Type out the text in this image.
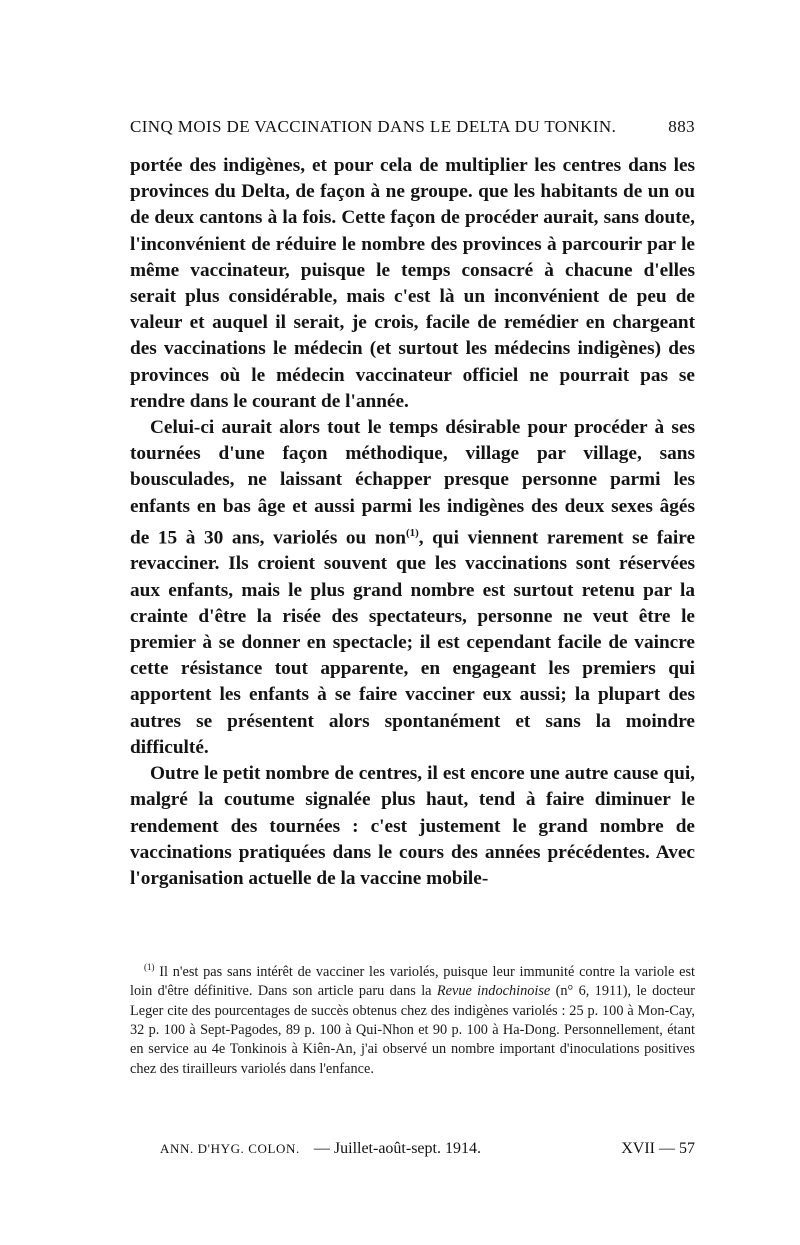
CINQ MOIS DE VACCINATION DANS LE DELTA DU TONKIN.	883

portée des indigènes, et pour cela de multiplier les centres dans les provinces du Delta, de façon à ne groupe. que les habitants de un ou de deux cantons à la fois. Cette façon de procéder aurait, sans doute, l'inconvénient de réduire le nombre des provinces à parcourir par le même vaccinateur, puisque le temps consacré à chacune d'elles serait plus considérable, mais c'est là un inconvénient de peu de valeur et auquel il serait, je crois, facile de remédier en chargeant des vaccinations le médecin (et surtout les médecins indigènes) des provinces où le médecin vaccinateur officiel ne pourrait pas se rendre dans le courant de l'année.

Celui-ci aurait alors tout le temps désirable pour procéder à ses tournées d'une façon méthodique, village par village, sans bousculades, ne laissant échapper presque personne parmi les enfants en bas âge et aussi parmi les indigènes des deux sexes âgés de 15 à 30 ans, variolés ou non$^{(1)}$, qui viennent rarement se faire revacciner. Ils croient souvent que les vaccinations sont réservées aux enfants, mais le plus grand nombre est surtout retenu par la crainte d'être la risée des spectateurs, personne ne veut être le premier à se donner en spectacle; il est cependant facile de vaincre cette résistance tout apparente, en engageant les premiers qui apportent les enfants à se faire vacciner eux aussi; la plupart des autres se présentent alors spontanément et sans la moindre difficulté.

Outre le petit nombre de centres, il est encore une autre cause qui, malgré la coutume signalée plus haut, tend à faire diminuer le rendement des tournées : c'est justement le grand nombre de vaccinations pratiquées dans le cours des années précédentes. Avec l'organisation actuelle de la vaccine mobile-

$^{(1)}$ Il n'est pas sans intérêt de vacciner les variolés, puisque leur immunité contre la variole est loin d'être définitive. Dans son article paru dans la Revue indochinoise (n° 6, 1911), le docteur Leger cite des pourcentages de succès obtenus chez des indigènes variolés : 25 p. 100 à Mon-Cay, 32 p. 100 à Sept-Pagodes, 89 p. 100 à Qui-Nhon et 90 p. 100 à Ha-Dong. Personnellement, étant en service au 4e Tonkinois à Kiên-An, j'ai observé un nombre important d'inoculations positives chez des tirailleurs variolés dans l'enfance.

ANN. D'HYG. COLON. — Juillet-août-sept. 1914.	XVII — 57
